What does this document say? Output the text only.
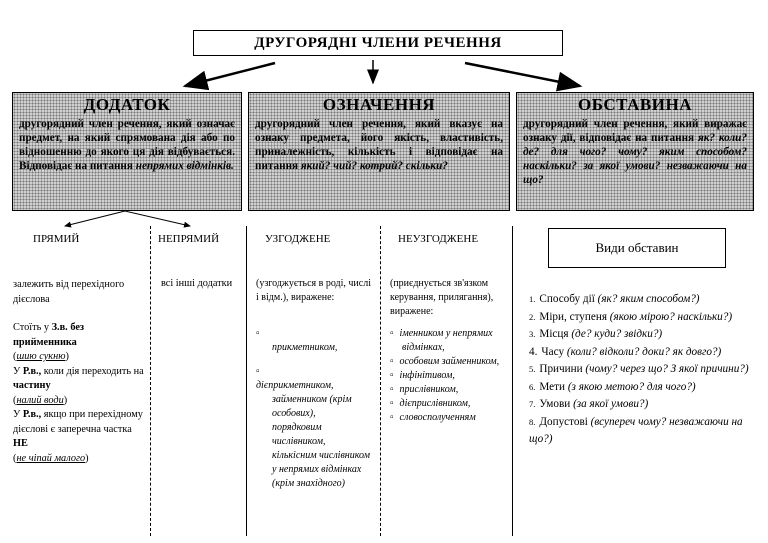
ДРУГОРЯДНІ ЧЛЕНИ РЕЧЕННЯ
ДОДАТОК
другорядний член речення, який означає предмет, на який спрямована дія або по відношенню до якого ця дія відбувається. Відповідає на питання непрямих відмінків.
ОЗНАЧЕННЯ
другорядний член речення, який вказує на ознаку предмета, його якість, властивість, приналежність, кількість і відповідає на питання який? чий? котрий? скільки?
ОБСТАВИНА
другорядний член речення, який виражає ознаку дії, відповідає на питання як? коли? де? для чого? чому? яким способом? наскільки? за якої умови? незважаючи на що?
ПРЯМИЙ	НЕПРЯМИЙ
залежить від переxідного дієслова
Стоїть у З.в. без прийменника
(шию сукню)
У Р.в., коли дія переходить на частину
(налий води)
У Р.в., якщо при перехідному дієслові є заперечна частка НЕ
(не чіпай малого)
всі інші додатки
УЗГОДЖЕНЕ	НЕУЗГОДЖЕНЕ
(узгоджується в роді, числі і відм.), виражене:
▫
прикметником,
▫
дієприкметником,
займенником (крім особових),
порядковим числівником,
кількісним числівником у непрямих відмінках (крім знахідного)
(приєднується зв'язком керування, прилягання), виражене:
▫ іменником у непрямих відмінках,
▫ особовим займенником,
▫ інфінітивом,
▫ прислівником,
▫ дієприслівником,
▫ словосполученням
Види обставин
1. Способу дії (як? яким способом?)
2. Міри, ступеня (якою мірою? наскільки?)
3. Місця (де? куди? звідки?)
4. Часу (коли? відколи? доки? як довго?)
5. Причини (чому? через що? З якої причини?)
6. Мети (з якою метою? для чого?)
7. Умови (за якої умови?)
8. Допустові (всупереч чому? незважаючи на що?)
